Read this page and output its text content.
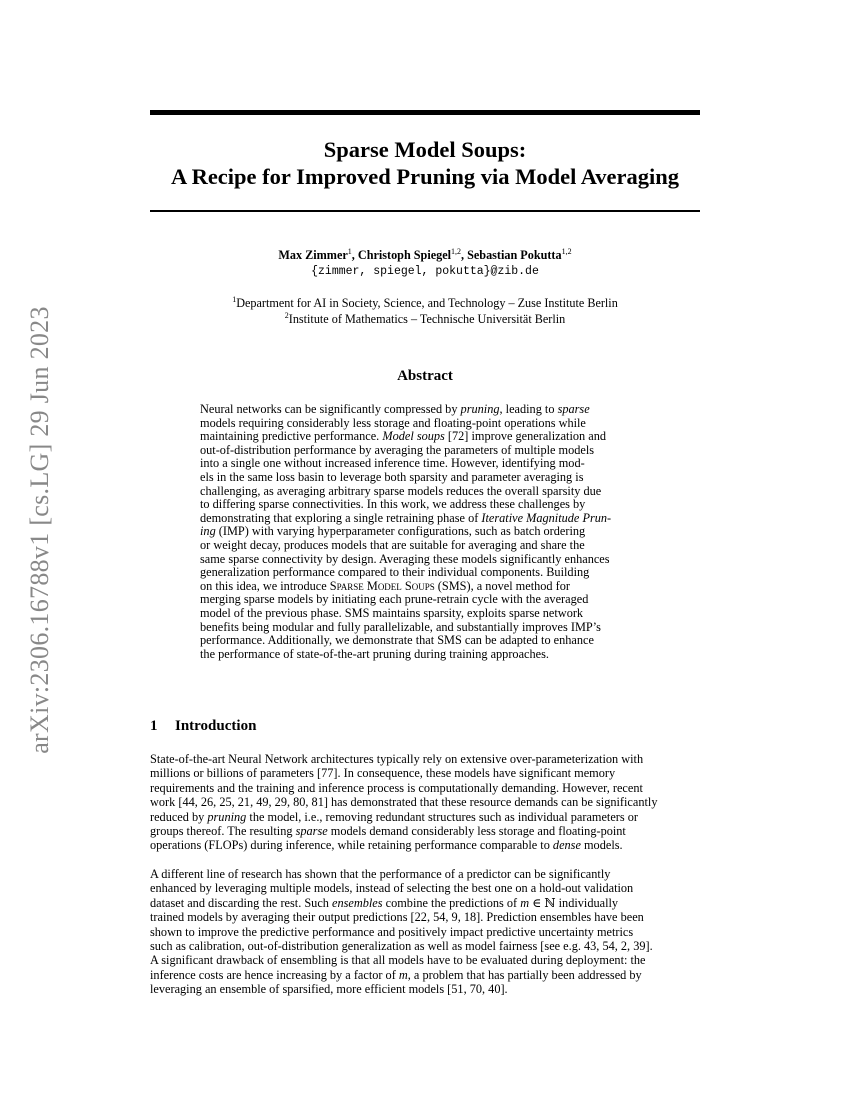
arXiv:2306.16788v1 [cs.LG] 29 Jun 2023
Sparse Model Soups:
A Recipe for Improved Pruning via Model Averaging
Max Zimmer$^1$, Christoph Spiegel$^{1,2}$, Sebastian Pokutta$^{1,2}$
{zimmer, spiegel, pokutta}@zib.de
$^1$Department for AI in Society, Science, and Technology – Zuse Institute Berlin
$^2$Institute of Mathematics – Technische Universität Berlin
Abstract
Neural networks can be significantly compressed by pruning, leading to sparse
models requiring considerably less storage and floating-point operations while
maintaining predictive performance. Model soups [72] improve generalization and
out-of-distribution performance by averaging the parameters of multiple models
into a single one without increased inference time. However, identifying mod-
els in the same loss basin to leverage both sparsity and parameter averaging is
challenging, as averaging arbitrary sparse models reduces the overall sparsity due
to differing sparse connectivities. In this work, we address these challenges by
demonstrating that exploring a single retraining phase of Iterative Magnitude Prun-
ing (IMP) with varying hyperparameter configurations, such as batch ordering
or weight decay, produces models that are suitable for averaging and share the
same sparse connectivity by design. Averaging these models significantly enhances
generalization performance compared to their individual components. Building
on this idea, we introduce Sparse Model Soups (SMS), a novel method for
merging sparse models by initiating each prune-retrain cycle with the averaged
model of the previous phase. SMS maintains sparsity, exploits sparse network
benefits being modular and fully parallelizable, and substantially improves IMP’s
performance. Additionally, we demonstrate that SMS can be adapted to enhance
the performance of state-of-the-art pruning during training approaches.
1 Introduction
State-of-the-art Neural Network architectures typically rely on extensive over-parameterization with
millions or billions of parameters [77]. In consequence, these models have significant memory
requirements and the training and inference process is computationally demanding. However, recent
work [44, 26, 25, 21, 49, 29, 80, 81] has demonstrated that these resource demands can be significantly
reduced by pruning the model, i.e., removing redundant structures such as individual parameters or
groups thereof. The resulting sparse models demand considerably less storage and floating-point
operations (FLOPs) during inference, while retaining performance comparable to dense models.
A different line of research has shown that the performance of a predictor can be significantly
enhanced by leveraging multiple models, instead of selecting the best one on a hold-out validation
dataset and discarding the rest. Such ensembles combine the predictions of m ∈ ℕ individually
trained models by averaging their output predictions [22, 54, 9, 18]. Prediction ensembles have been
shown to improve the predictive performance and positively impact predictive uncertainty metrics
such as calibration, out-of-distribution generalization as well as model fairness [see e.g. 43, 54, 2, 39].
A significant drawback of ensembling is that all models have to be evaluated during deployment: the
inference costs are hence increasing by a factor of m, a problem that has partially been addressed by
leveraging an ensemble of sparsified, more efficient models [51, 70, 40].
